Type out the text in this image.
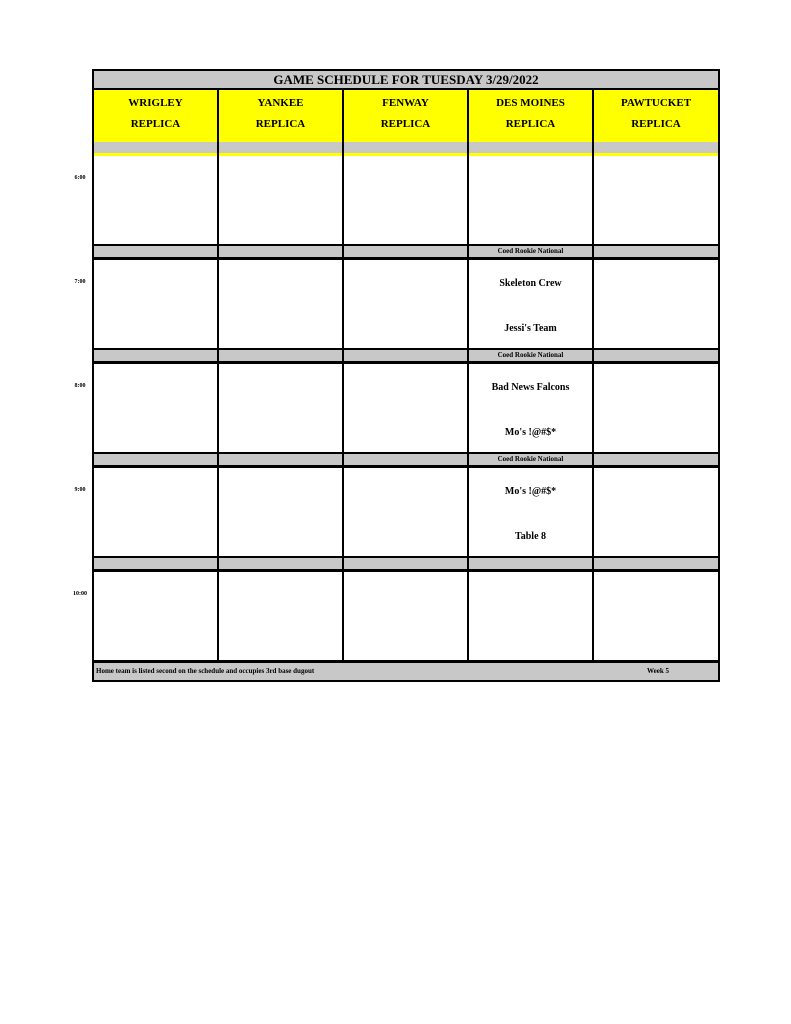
GAME SCHEDULE FOR TUESDAY 3/29/2022
WRIGLEY
REPLICA
YANKEE
REPLICA
FENWAY
REPLICA
DES MOINES
REPLICA
PAWTUCKET
REPLICA
Coed Rookie National
Skeleton Crew
Jessi's Team
Coed Rookie National
Bad News Falcons
Mo's !@#$*
Coed Rookie National
Mo's !@#$*
Table 8
Home team is listed second on the schedule and occupies 3rd base dugout	Week 5
6:00
7:00
8:00
9:00
10:00
